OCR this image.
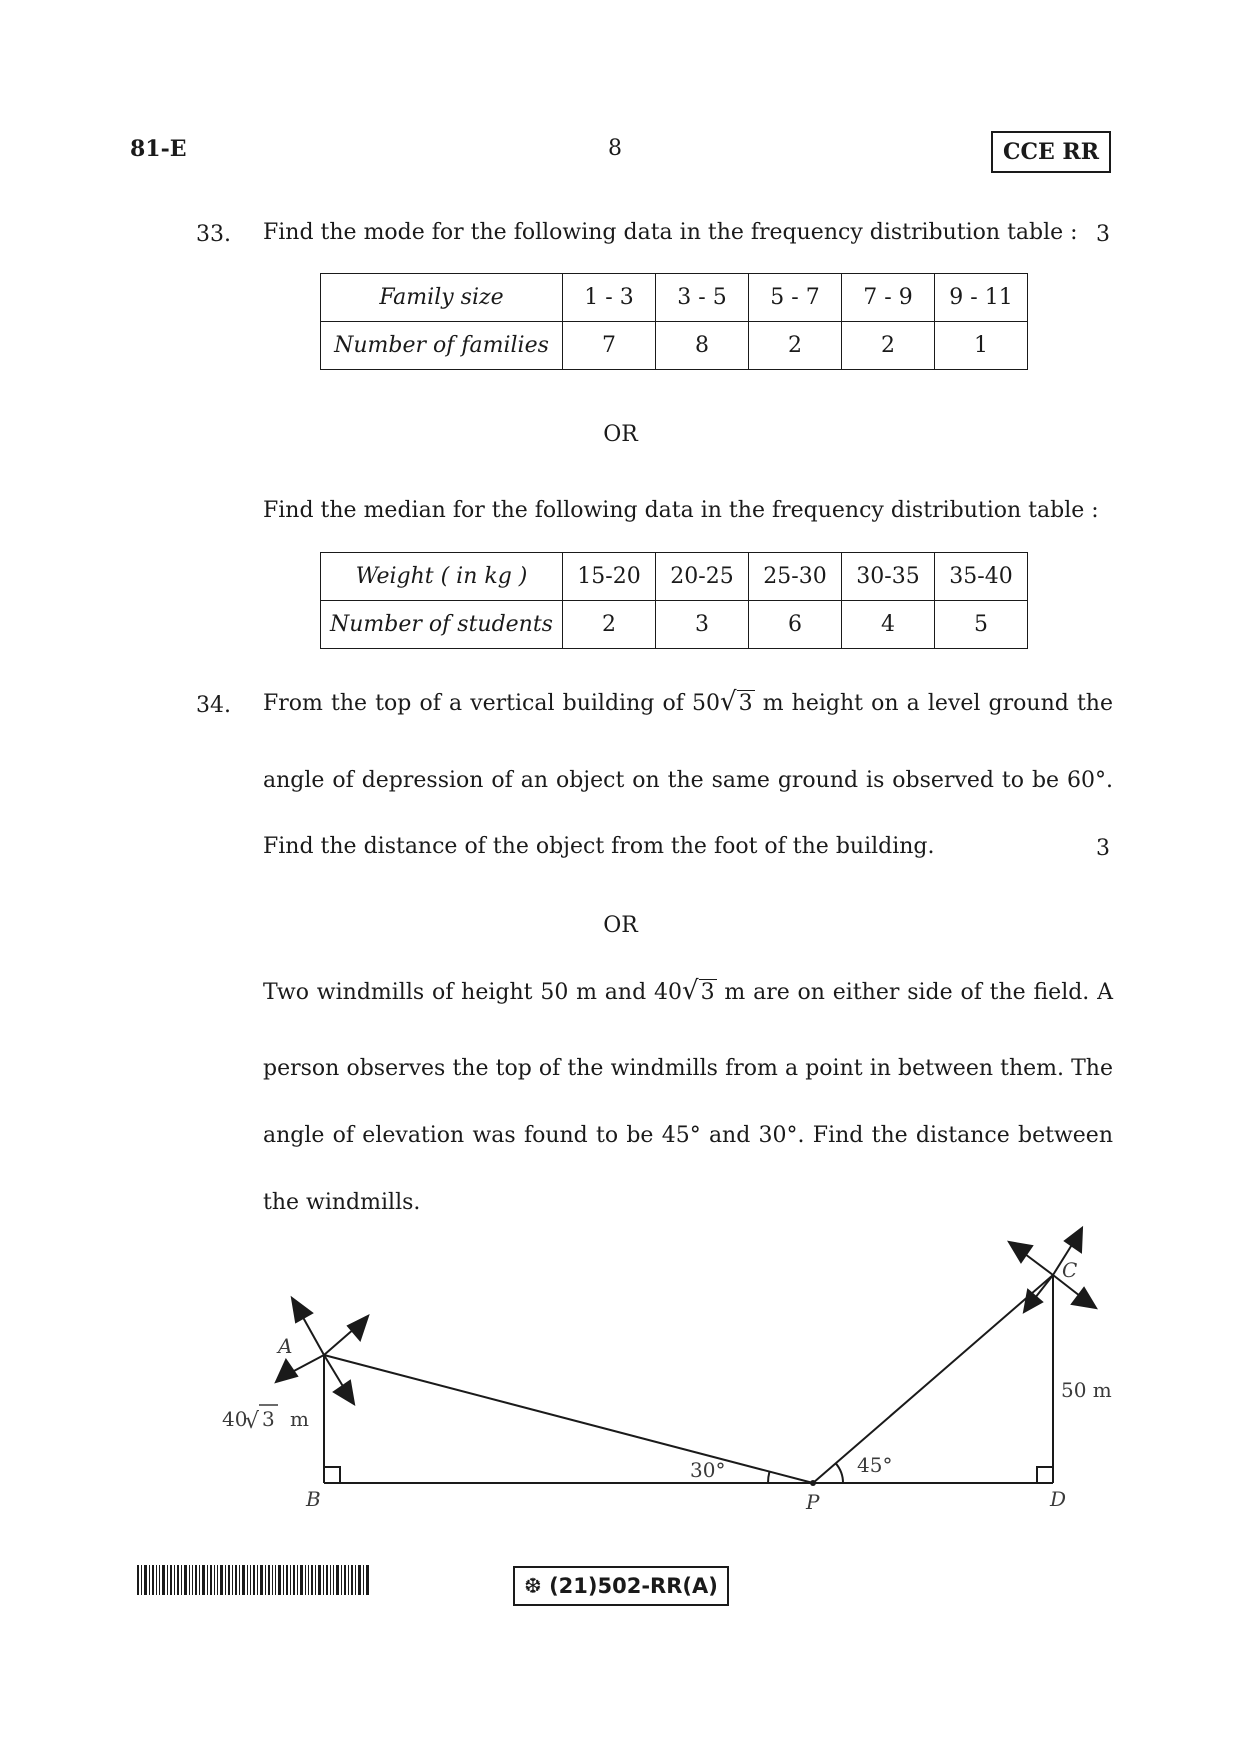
81-E	8	CCE RR
33. Find the mode for the following data in the frequency distribution table : 3
Family size	1 - 3	3 - 5	5 - 7	7 - 9	9 - 11
Number of families	7	8	2	2	1
OR
Find the median for the following data in the frequency distribution table :
Weight ( in kg )	15-20	20-25	25-30	30-35	35-40
Number of students	2	3	6	4	5
34. From the top of a vertical building of 50√3 m height on a level ground the
angle of depression of an object on the same ground is observed to be 60°.
Find the distance of the object from the foot of the building.	3
OR
Two windmills of height 50 m and 40√3 m are on either side of the field. A
person observes the top of the windmills from a point in between them. The
angle of elevation was found to be 45° and 30°. Find the distance between
the windmills.
A
B
C
D
P
40
√ 3 m
50 m
30°	45°
❆ (21)502-RR(A)
